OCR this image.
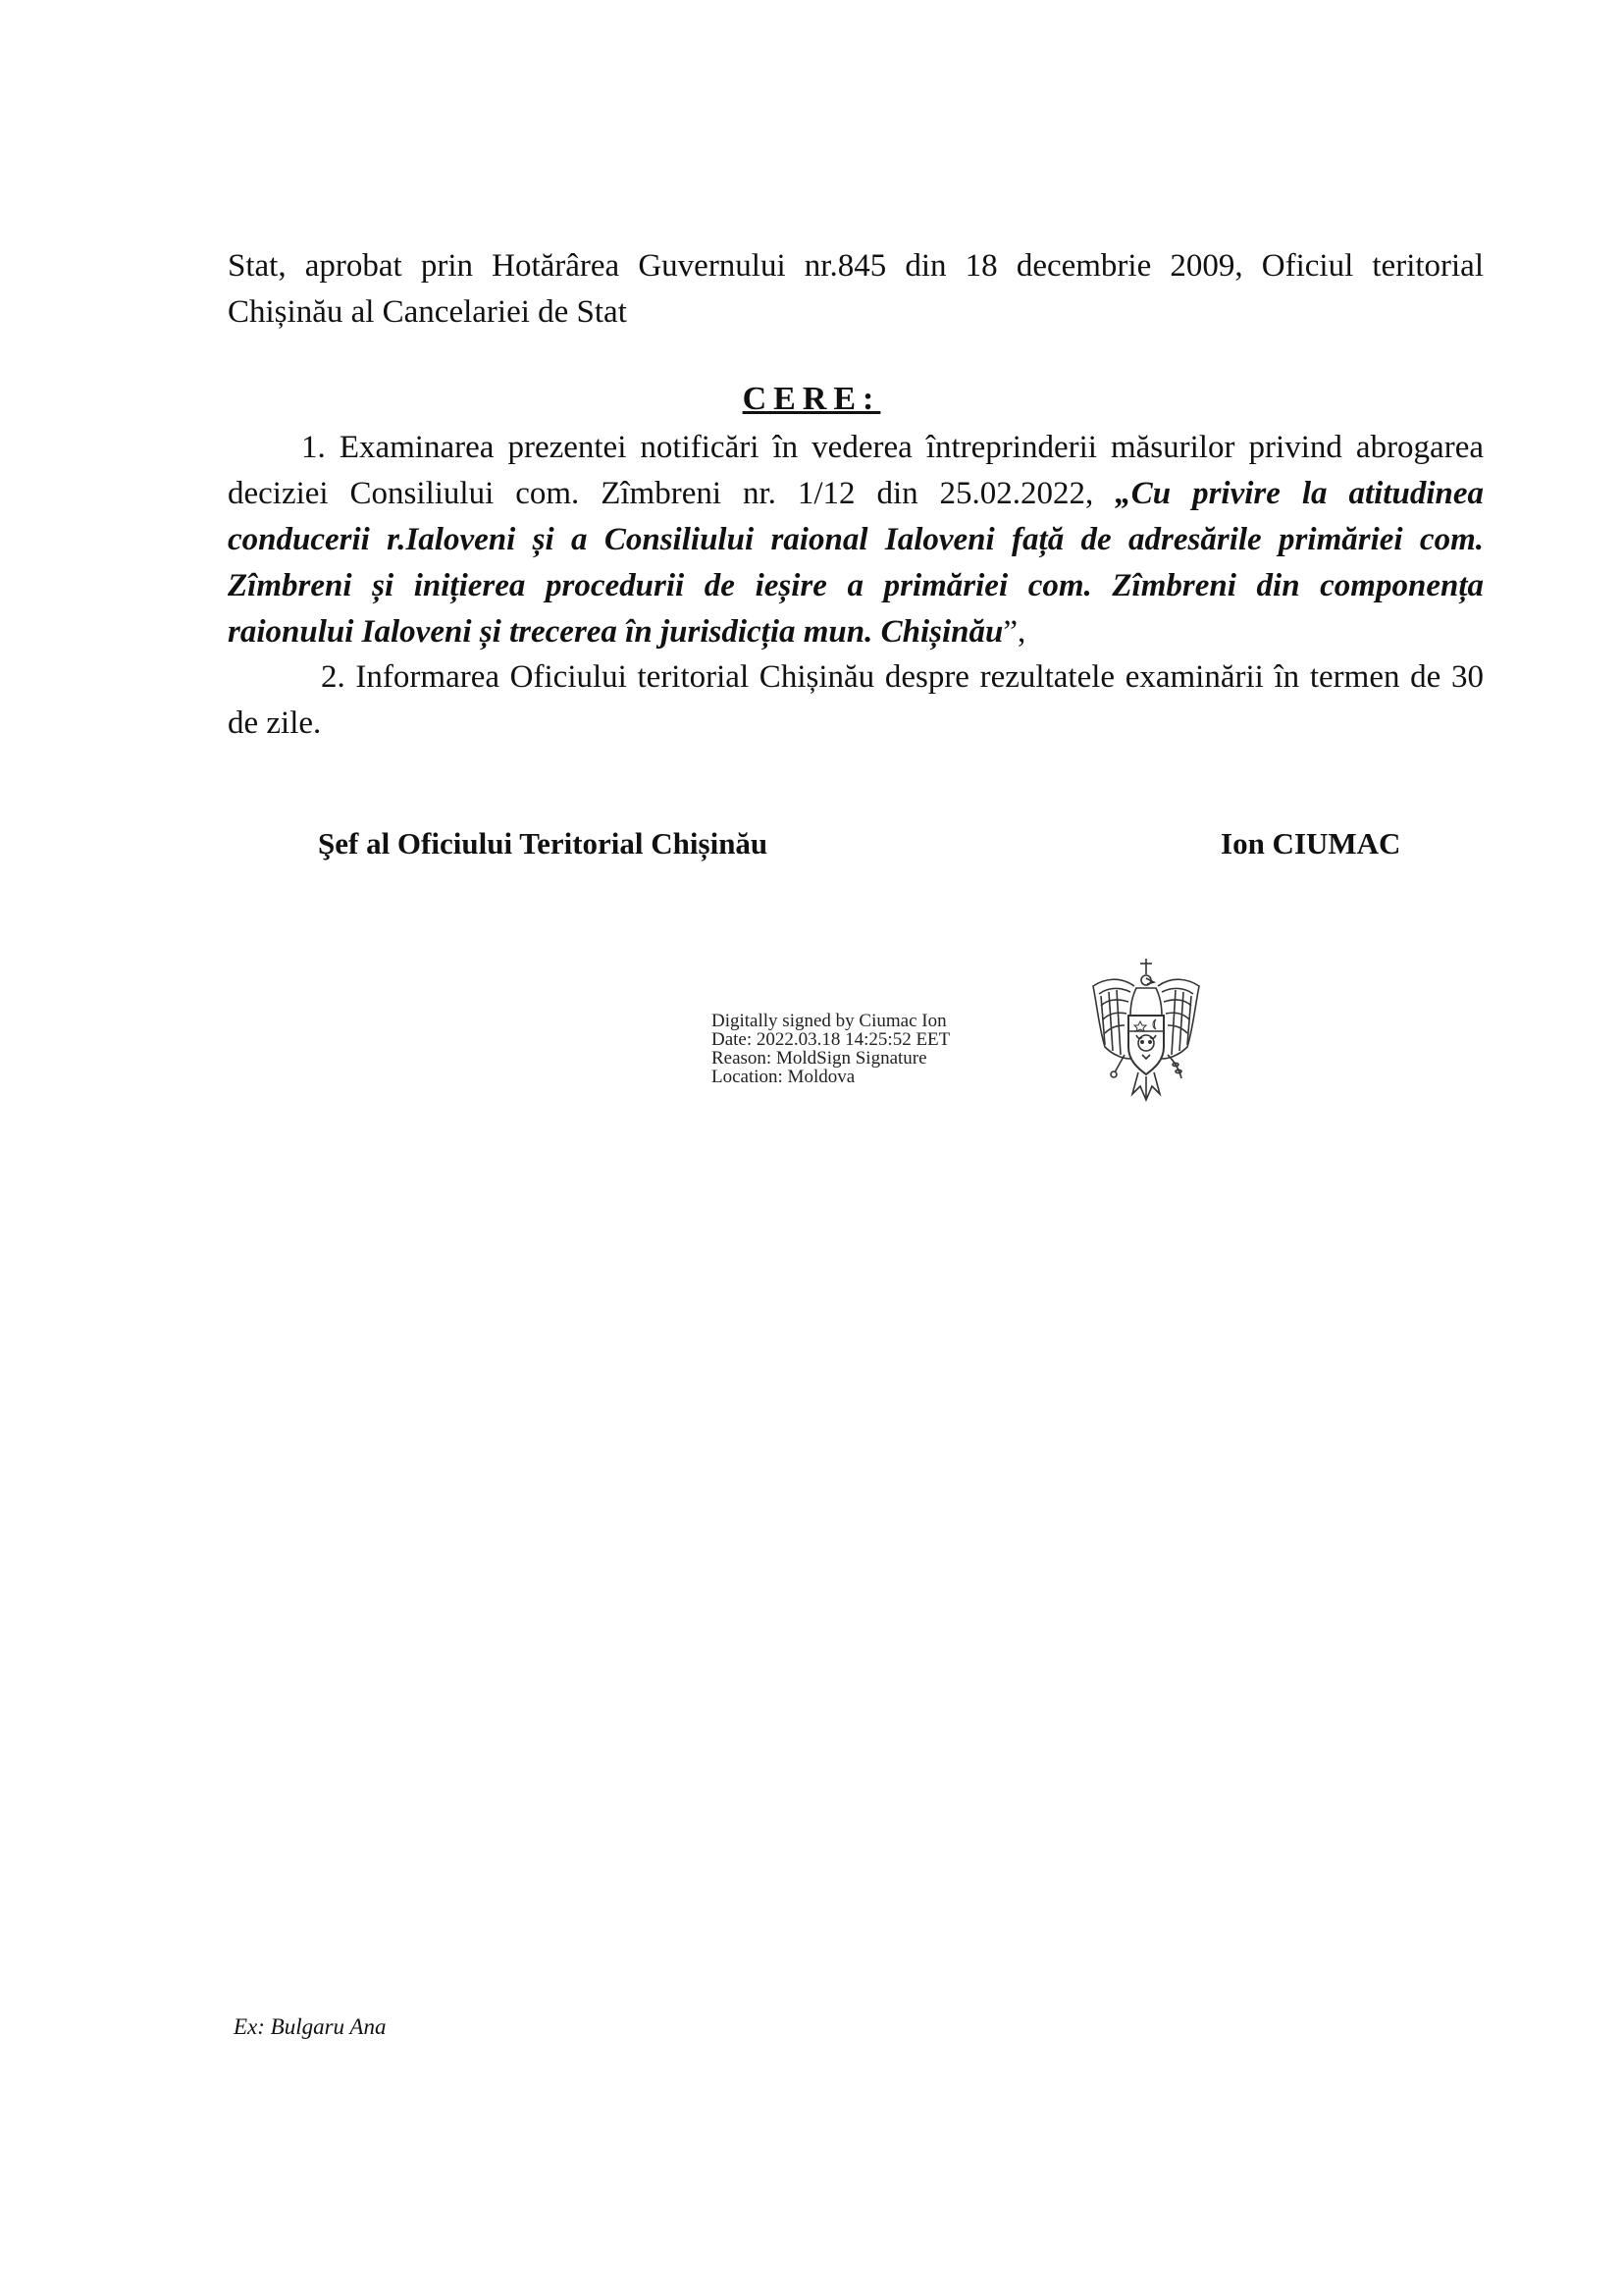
Stat, aprobat prin Hotărârea Guvernului nr.845 din 18 decembrie 2009, Oficiul teritorial Chișinău al Cancelariei de Stat

CERE:

1. Examinarea prezentei notificări în vederea întreprinderii măsurilor privind abrogarea deciziei Consiliului com. Zîmbreni nr. 1/12 din 25.02.2022, „Cu privire la atitudinea conducerii r.Ialoveni și a Consiliului raional Ialoveni față de adresările primăriei com. Zîmbreni și inițierea procedurii de ieșire a primăriei com. Zîmbreni din componența raionului Ialoveni și trecerea în jurisdicția mun. Chișinău”,

2. Informarea Oficiului teritorial Chișinău despre rezultatele examinării în termen de 30 de zile.

Şef al Oficiului Teritorial Chișinău	Ion CIUMAC
Digitally signed by Ciumac Ion
Date: 2022.03.18 14:25:52 EET
Reason: MoldSign Signature
Location: Moldova
Ex: Bulgaru Ana
